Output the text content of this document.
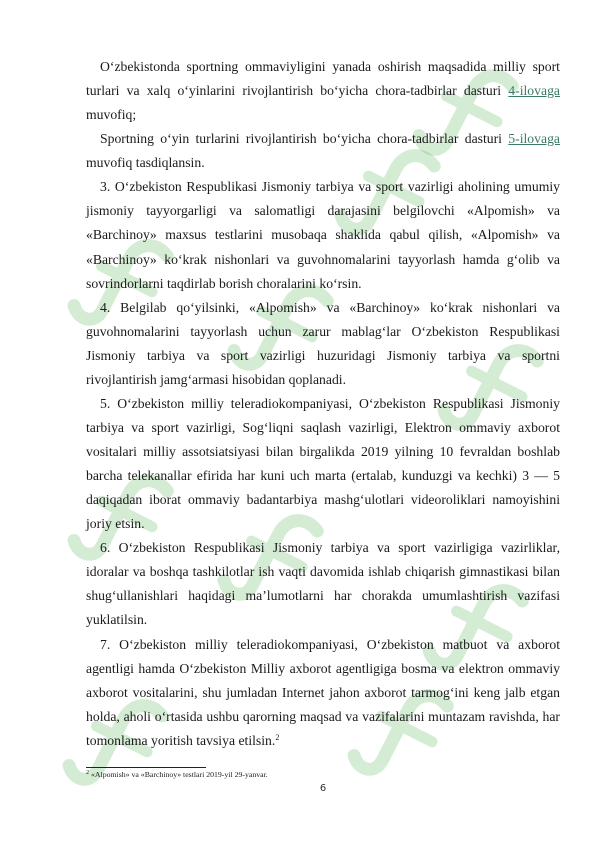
O‘zbekistonda sportning ommaviyligini yanada oshirish maqsadida milliy sport turlari va xalq o‘yinlarini rivojlantirish bo‘yicha chora-tadbirlar dasturi 4-ilovaga muvofiq;

Sportning o‘yin turlarini rivojlantirish bo‘yicha chora-tadbirlar dasturi 5-ilovaga muvofiq tasdiqlansin.

3. O‘zbekiston Respublikasi Jismoniy tarbiya va sport vazirligi aholining umumiy jismoniy tayyorgarligi va salomatligi darajasini belgilovchi «Alpomish» va «Barchinoy» maxsus testlarini musobaqa shaklida qabul qilish, «Alpomish» va «Barchinoy» ko‘krak nishonlari va guvohnomalarini tayyorlash hamda g‘olib va sovrindorlarni taqdirlab borish choralarini ko‘rsin.

4. Belgilab qo‘yilsinki, «Alpomish» va «Barchinoy» ko‘krak nishonlari va guvohnomalarini tayyorlash uchun zarur mablag‘lar O‘zbekiston Respublikasi Jismoniy tarbiya va sport vazirligi huzuridagi Jismoniy tarbiya va sportni rivojlantirish jamg‘armasi hisobidan qoplanadi.

5. O‘zbekiston milliy teleradiokompaniyasi, O‘zbekiston Respublikasi Jismoniy tarbiya va sport vazirligi, Sog‘liqni saqlash vazirligi, Elektron ommaviy axborot vositalari milliy assotsiatsiyasi bilan birgalikda 2019 yilning 10 fevraldan boshlab barcha telekanallar efirida har kuni uch marta (ertalab, kunduzgi va kechki) 3 — 5 daqiqadan iborat ommaviy badantarbiya mashg‘ulotlari videoroliklari namoyishini joriy etsin.

6. O‘zbekiston Respublikasi Jismoniy tarbiya va sport vazirligiga vazirliklar, idoralar va boshqa tashkilotlar ish vaqti davomida ishlab chiqarish gimnastikasi bilan shug‘ullanishlari haqidagi ma’lumotlarni har chorakda umumlashtirish vazifasi yuklatilsin.

7. O‘zbekiston milliy teleradiokompaniyasi, O‘zbekiston matbuot va axborot agentligi hamda O‘zbekiston Milliy axborot agentligiga bosma va elektron ommaviy axborot vositalarini, shu jumladan Internet jahon axborot tarmog‘ini keng jalb etgan holda, aholi o‘rtasida ushbu qarorning maqsad va vazifalarini muntazam ravishda, har tomonlama yoritish tavsiya etilsin.$^2$

$^2$ «Alpomish» va «Barchinoy» testlari 2019-yil 29-yanvar.
6
